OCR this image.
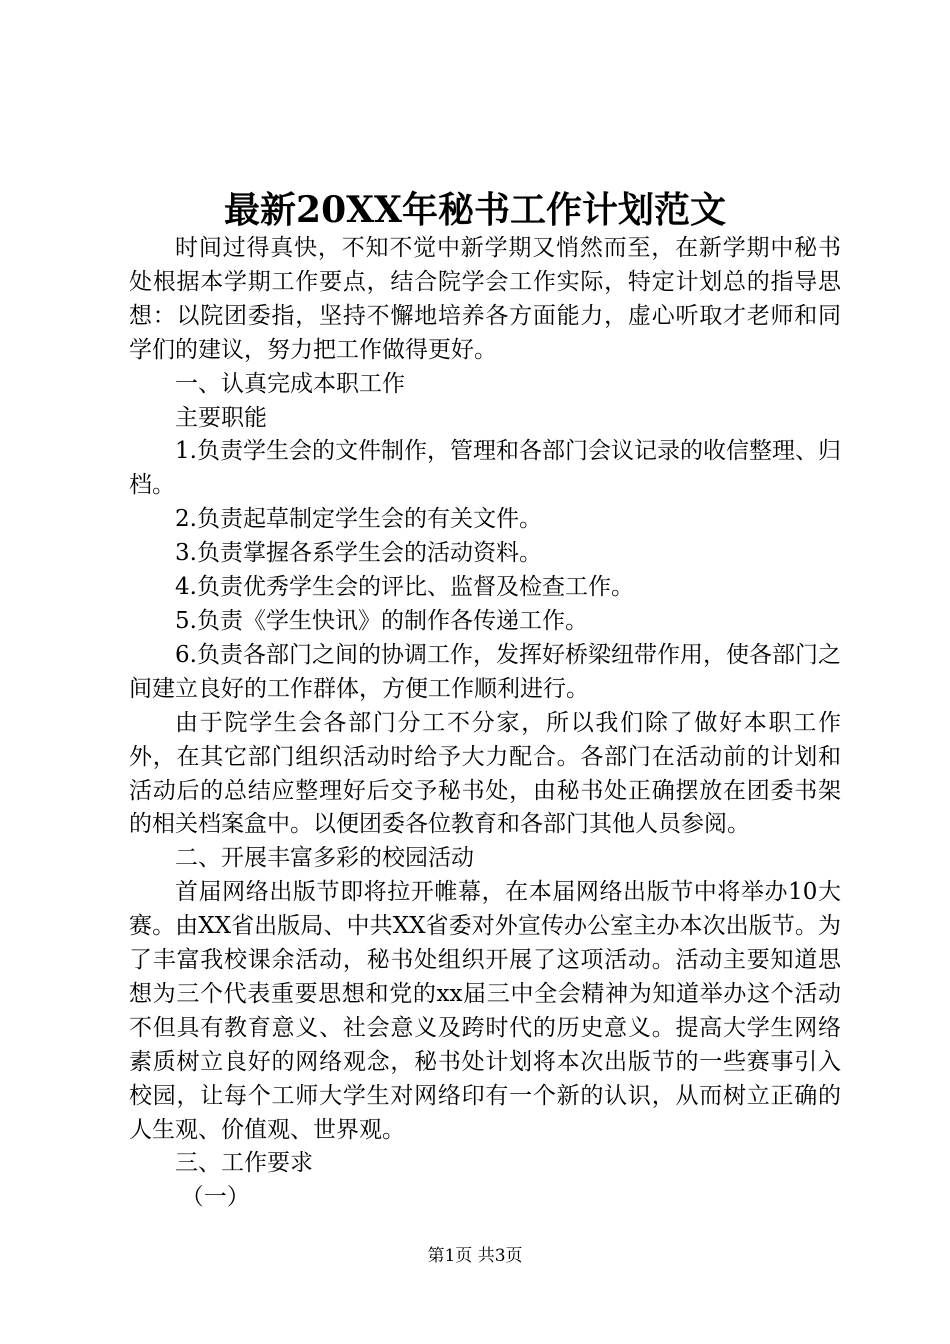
最新20XX年秘书工作计划范文

时间过得真快，不知不觉中新学期又悄然而至，在新学期中秘书处根据本学期工作要点，结合院学会工作实际，特定计划总的指导思想：以院团委指，坚持不懈地培养各方面能力，虚心听取才老师和同学们的建议，努力把工作做得更好。

一、认真完成本职工作

主要职能

1.负责学生会的文件制作，管理和各部门会议记录的收信整理、归档。

2.负责起草制定学生会的有关文件。

3.负责掌握各系学生会的活动资料。

4.负责优秀学生会的评比、监督及检查工作。

5.负责《学生快讯》的制作各传递工作。

6.负责各部门之间的协调工作，发挥好桥梁纽带作用，使各部门之间建立良好的工作群体，方便工作顺利进行。

由于院学生会各部门分工不分家，所以我们除了做好本职工作外，在其它部门组织活动时给予大力配合。各部门在活动前的计划和活动后的总结应整理好后交予秘书处，由秘书处正确摆放在团委书架的相关档案盒中。以便团委各位教育和各部门其他人员参阅。

二、开展丰富多彩的校园活动

首届网络出版节即将拉开帷幕，在本届网络出版节中将举办10大赛。由XX省出版局、中共XX省委对外宣传办公室主办本次出版节。为了丰富我校课余活动，秘书处组织开展了这项活动。活动主要知道思想为三个代表重要思想和党的xx届三中全会精神为知道举办这个活动不但具有教育意义、社会意义及跨时代的历史意义。提高大学生网络素质树立良好的网络观念，秘书处计划将本次出版节的一些赛事引入校园，让每个工师大学生对网络印有一个新的认识，从而树立正确的人生观、价值观、世界观。

三、工作要求

（一）

第1页 共3页
